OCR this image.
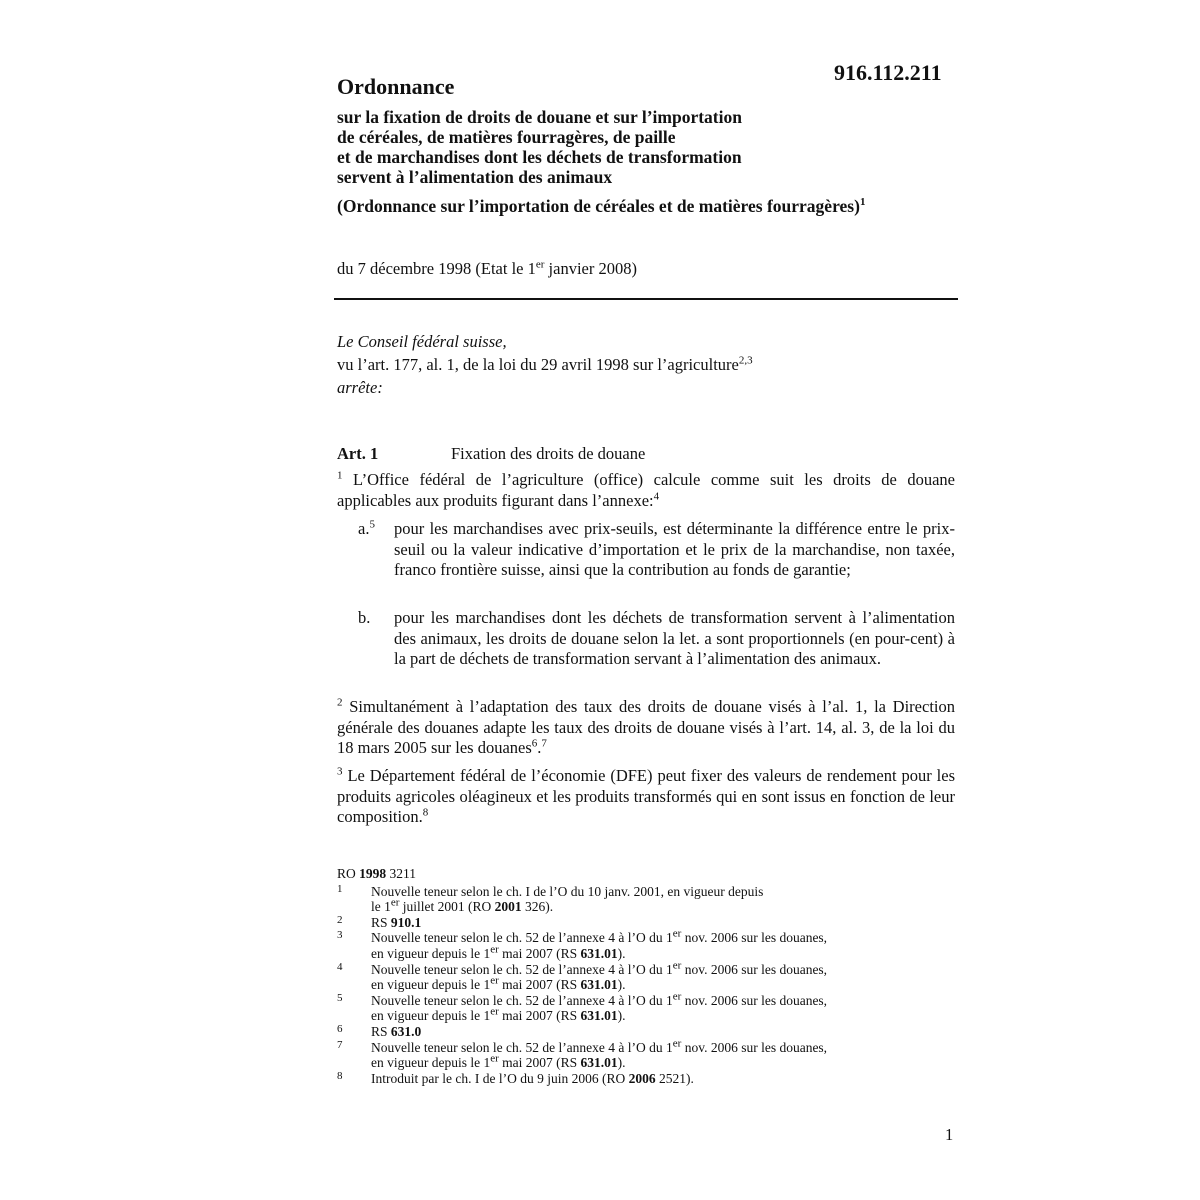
916.112.211
Ordonnance
sur la fixation de droits de douane et sur l’importation
de céréales, de matières fourragères, de paille
et de marchandises dont les déchets de transformation
servent à l’alimentation des animaux
(Ordonnance sur l’importation de céréales et de matières fourragères)$^1$
du 7 décembre 1998 (Etat le 1er janvier 2008)
Le Conseil fédéral suisse,
vu l’art. 177, al. 1, de la loi du 29 avril 1998 sur l’agriculture$^{2,3}$
arrête:
Art. 1	Fixation des droits de douane
$^1$ L’Office fédéral de l’agriculture (office) calcule comme suit les droits de douane applicables aux produits figurant dans l’annexe:$^4$
a.$^5$ pour les marchandises avec prix-seuils, est déterminante la différence entre le prix-seuil ou la valeur indicative d’importation et le prix de la marchandise, non taxée, franco frontière suisse, ainsi que la contribution au fonds de garantie;
b. pour les marchandises dont les déchets de transformation servent à l’alimentation des animaux, les droits de douane selon la let. a sont proportionnels (en pour-cent) à la part de déchets de transformation servant à l’alimentation des animaux.
$^2$ Simultanément à l’adaptation des taux des droits de douane visés à l’al. 1, la Direction générale des douanes adapte les taux des droits de douane visés à l’art. 14, al. 3, de la loi du 18 mars 2005 sur les douanes$^6$.$^7$
$^3$ Le Département fédéral de l’économie (DFE) peut fixer des valeurs de rendement pour les produits agricoles oléagineux et les produits transformés qui en sont issus en fonction de leur composition.$^8$
RO 1998 3211
1 Nouvelle teneur selon le ch. I de l’O du 10 janv. 2001, en vigueur depuis
le 1er juillet 2001 (RO 2001 326).
2 RS 910.1
3 Nouvelle teneur selon le ch. 52 de l’annexe 4 à l’O du 1er nov. 2006 sur les douanes,
en vigueur depuis le 1er mai 2007 (RS 631.01).
4 Nouvelle teneur selon le ch. 52 de l’annexe 4 à l’O du 1er nov. 2006 sur les douanes,
en vigueur depuis le 1er mai 2007 (RS 631.01).
5 Nouvelle teneur selon le ch. 52 de l’annexe 4 à l’O du 1er nov. 2006 sur les douanes,
en vigueur depuis le 1er mai 2007 (RS 631.01).
6 RS 631.0
7 Nouvelle teneur selon le ch. 52 de l’annexe 4 à l’O du 1er nov. 2006 sur les douanes,
en vigueur depuis le 1er mai 2007 (RS 631.01).
8 Introduit par le ch. I de l’O du 9 juin 2006 (RO 2006 2521).
1
